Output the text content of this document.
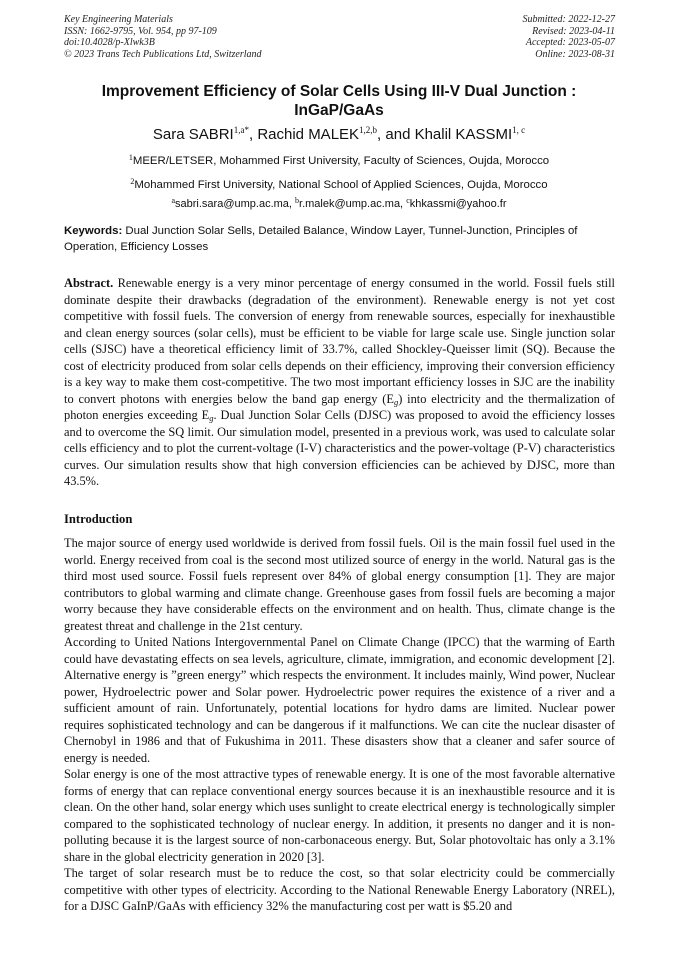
Key Engineering Materials
ISSN: 1662-9795, Vol. 954, pp 97-109
doi:10.4028/p-Xlwk3B
© 2023 Trans Tech Publications Ltd, Switzerland
Submitted: 2022-12-27
Revised: 2023-04-11
Accepted: 2023-05-07
Online: 2023-08-31
Improvement Efficiency of Solar Cells Using III-V Dual Junction :
InGaP/GaAs
Sara $SABRI^{1,a*}$, Rachid MALEK$^{1,2,b}$, and Khalil KASSMI$^{1, c}$
$^1$MEER/LETSER, Mohammed First University, Faculty of Sciences, Oujda, Morocco
$^2$Mohammed First University, National School of Applied Sciences, Oujda, Morocco
$^a$sabri.sara@ump.ac.ma, $^b$r.malek@ump.ac.ma, $^c$khkassmi@yahoo.fr
Keywords: Dual Junction Solar Sells, Detailed Balance, Window Layer, Tunnel-Junction, Principles of Operation, Efficiency Losses

Abstract. Renewable energy is a very minor percentage of energy consumed in the world. Fossil fuels still dominate despite their drawbacks (degradation of the environment). Renewable energy is not yet cost competitive with fossil fuels. The conversion of energy from renewable sources, especially for inexhaustible and clean energy sources (solar cells), must be efficient to be viable for large scale use. Single junction solar cells (SJSC) have a theoretical efficiency limit of 33.7%, called Shockley-Queisser limit (SQ). Because the cost of electricity produced from solar cells depends on their efficiency, improving their conversion efficiency is a key way to make them cost-competitive. The two most important efficiency losses in SJC are the inability to convert photons with energies below the band gap energy $(E_g)$ into electricity and the thermalization of photon energies exceeding $E_g$. Dual Junction Solar Cells (DJSC) was proposed to avoid the efficiency losses and to overcome the SQ limit. Our simulation model, presented in a previous work, was used to calculate solar cells efficiency and to plot the current-voltage (I-V) characteristics and the power-voltage (P-V) characteristics curves. Our simulation results show that high conversion efficiencies can be achieved by DJSC, more than 43.5%.

Introduction

The major source of energy used worldwide is derived from fossil fuels. Oil is the main fossil fuel used in the world. Energy received from coal is the second most utilized source of energy in the world. Natural gas is the third most used source. Fossil fuels represent over 84% of global energy consumption [1]. They are major contributors to global warming and climate change. Greenhouse gases from fossil fuels are becoming a major worry because they have considerable effects on the environment and on health. Thus, climate change is the greatest threat and challenge in the 21st century.

According to United Nations Intergovernmental Panel on Climate Change (IPCC) that the warming of Earth could have devastating effects on sea levels, agriculture, climate, immigration, and economic development [2]. Alternative energy is ”green energy” which respects the environment. It includes mainly, Wind power, Nuclear power, Hydroelectric power and Solar power. Hydroelectric power requires the existence of a river and a sufficient amount of rain. Unfortunately, potential locations for hydro dams are limited. Nuclear power requires sophisticated technology and can be dangerous if it malfunctions. We can cite the nuclear disaster of Chernobyl in 1986 and that of Fukushima in 2011. These disasters show that a cleaner and safer source of energy is needed.

Solar energy is one of the most attractive types of renewable energy. It is one of the most favorable alternative forms of energy that can replace conventional energy sources because it is an inexhaustible resource and it is clean. On the other hand, solar energy which uses sunlight to create electrical energy is technologically simpler compared to the sophisticated technology of nuclear energy. In addition, it presents no danger and it is non-polluting because it is the largest source of non-carbonaceous energy. But, Solar photovoltaic has only a 3.1% share in the global electricity generation in 2020 [3].

The target of solar research must be to reduce the cost, so that solar electricity could be commercially competitive with other types of electricity. According to the National Renewable Energy Laboratory (NREL), for a DJSC GaInP/GaAs with efficiency 32% the manufacturing cost per watt is $5.20 and
